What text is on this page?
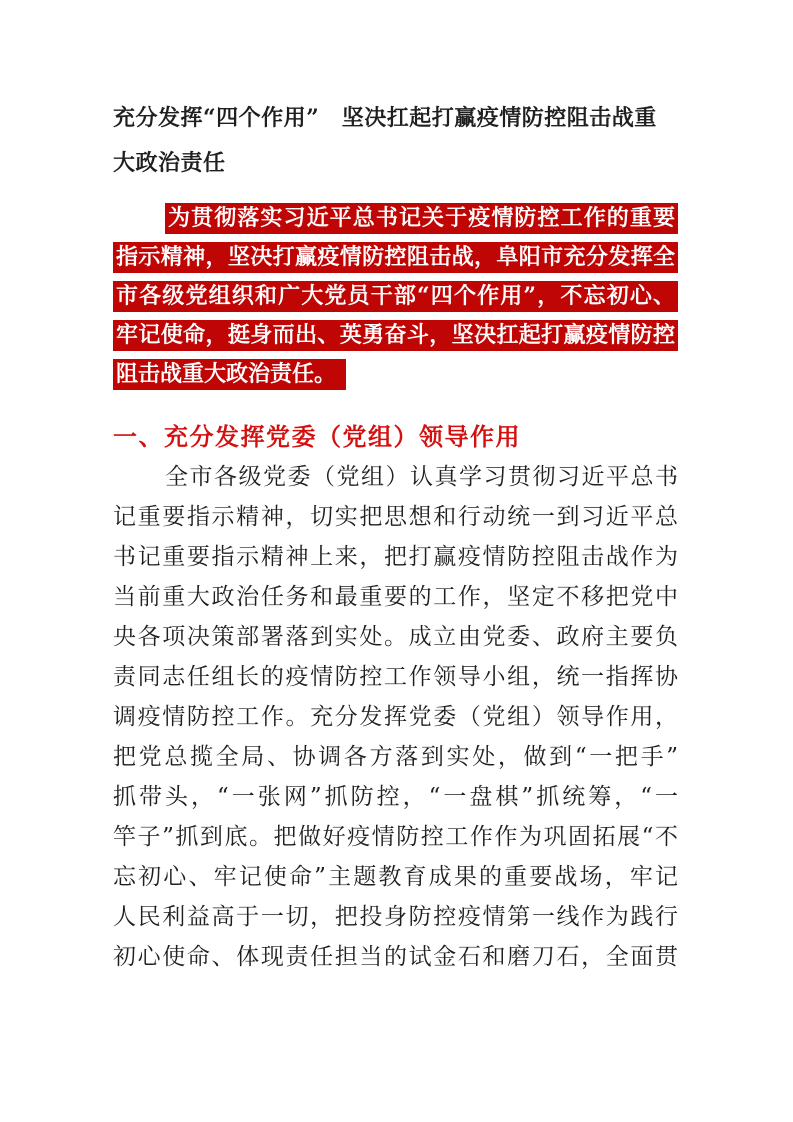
充分发挥“四个作用”　坚决扛起打赢疫情防控阻击战重
大政治责任
为贯彻落实习近平总书记关于疫情防控工作的重要
指示精神，坚决打赢疫情防控阻击战，阜阳市充分发挥全
市各级党组织和广大党员干部“四个作用”，不忘初心、
牢记使命，挺身而出、英勇奋斗，坚决扛起打赢疫情防控
阻击战重大政治责任。
一、充分发挥党委（党组）领导作用
全市各级党委（党组）认真学习贯彻习近平总书
记重要指示精神，切实把思想和行动统一到习近平总
书记重要指示精神上来，把打赢疫情防控阻击战作为
当前重大政治任务和最重要的工作，坚定不移把党中
央各项决策部署落到实处。成立由党委、政府主要负
责同志任组长的疫情防控工作领导小组，统一指挥协
调疫情防控工作。充分发挥党委（党组）领导作用，
把党总揽全局、协调各方落到实处，做到“一把手”
抓带头，“一张网”抓防控，“一盘棋”抓统筹，“一
竿子”抓到底。把做好疫情防控工作作为巩固拓展“不
忘初心、牢记使命”主题教育成果的重要战场，牢记
人民利益高于一切，把投身防控疫情第一线作为践行
初心使命、体现责任担当的试金石和磨刀石，全面贯
